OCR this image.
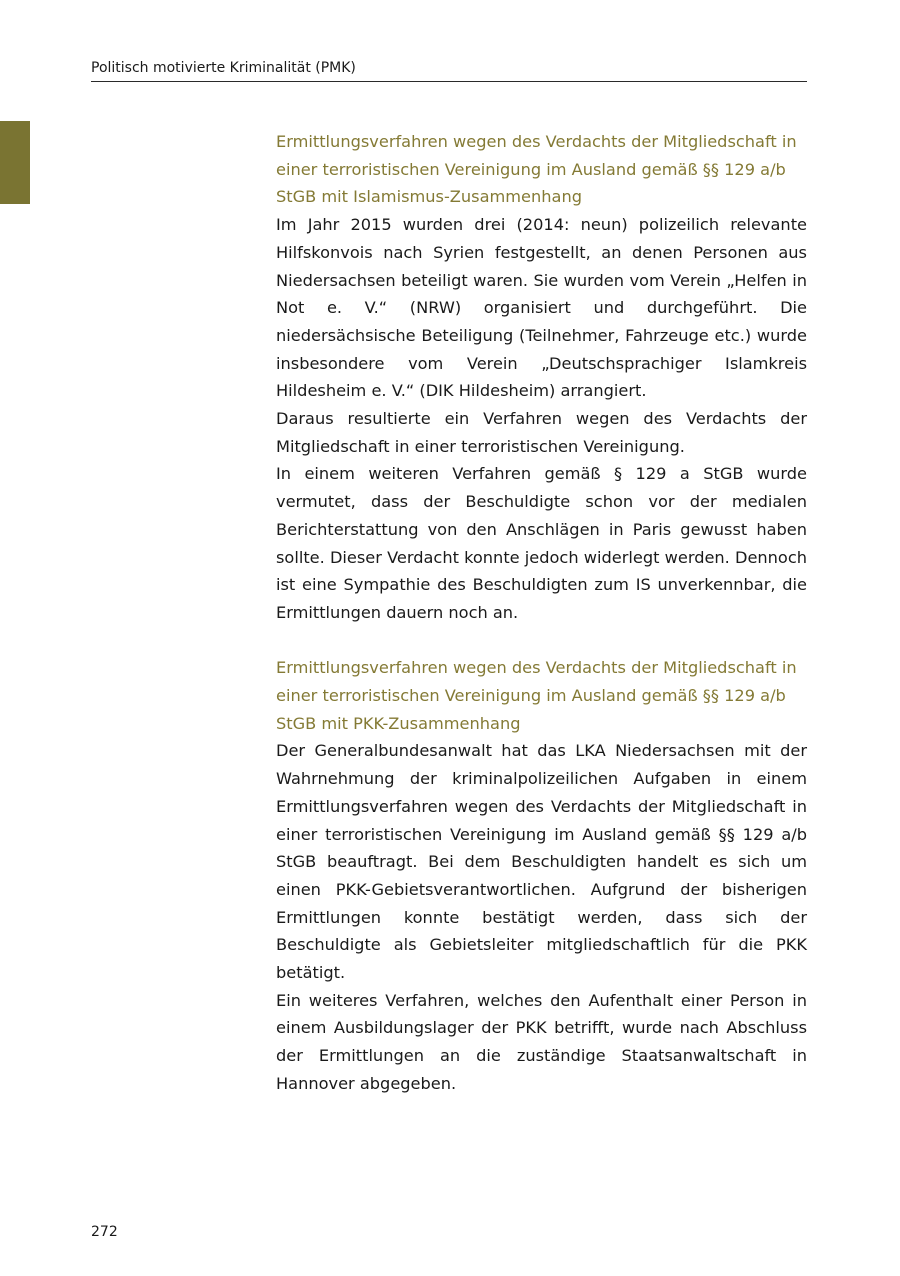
Politisch motivierte Kriminalität (PMK)
Ermittlungsverfahren wegen des Verdachts der Mitgliedschaft in einer terroristischen Vereinigung im Ausland gemäß §§ 129 a/b StGB mit Islamismus-Zusammenhang

Im Jahr 2015 wurden drei (2014: neun) polizeilich relevante Hilfskonvois nach Syrien festgestellt, an denen Personen aus Niedersachsen beteiligt waren. Sie wurden vom Verein „Helfen in Not e. V.“ (NRW) organisiert und durchgeführt. Die niedersächsische Beteiligung (Teilnehmer, Fahrzeuge etc.) wurde insbesondere vom Verein „Deutschsprachiger Islamkreis Hildesheim e. V.“ (DIK Hildesheim) arrangiert.

Daraus resultierte ein Verfahren wegen des Verdachts der Mitgliedschaft in einer terroristischen Vereinigung.

In einem weiteren Verfahren gemäß § 129 a StGB wurde vermutet, dass der Beschuldigte schon vor der medialen Berichterstattung von den Anschlägen in Paris gewusst haben sollte. Dieser Verdacht konnte jedoch widerlegt werden. Dennoch ist eine Sympathie des Beschuldigten zum IS unverkennbar, die Ermittlungen dauern noch an.

Ermittlungsverfahren wegen des Verdachts der Mitgliedschaft in einer terroristischen Vereinigung im Ausland gemäß §§ 129 a/b StGB mit PKK-Zusammenhang

Der Generalbundesanwalt hat das LKA Niedersachsen mit der Wahrnehmung der kriminalpolizeilichen Aufgaben in einem Ermittlungsverfahren wegen des Verdachts der Mitgliedschaft in einer terroristischen Vereinigung im Ausland gemäß §§ 129 a/b StGB beauftragt. Bei dem Beschuldigten handelt es sich um einen PKK-Gebietsverantwortlichen. Aufgrund der bisherigen Ermittlungen konnte bestätigt werden, dass sich der Beschuldigte als Gebietsleiter mitgliedschaftlich für die PKK betätigt.

Ein weiteres Verfahren, welches den Aufenthalt einer Person in einem Ausbildungslager der PKK betrifft, wurde nach Abschluss der Ermittlungen an die zuständige Staatsanwaltschaft in Hannover abgegeben.

272
